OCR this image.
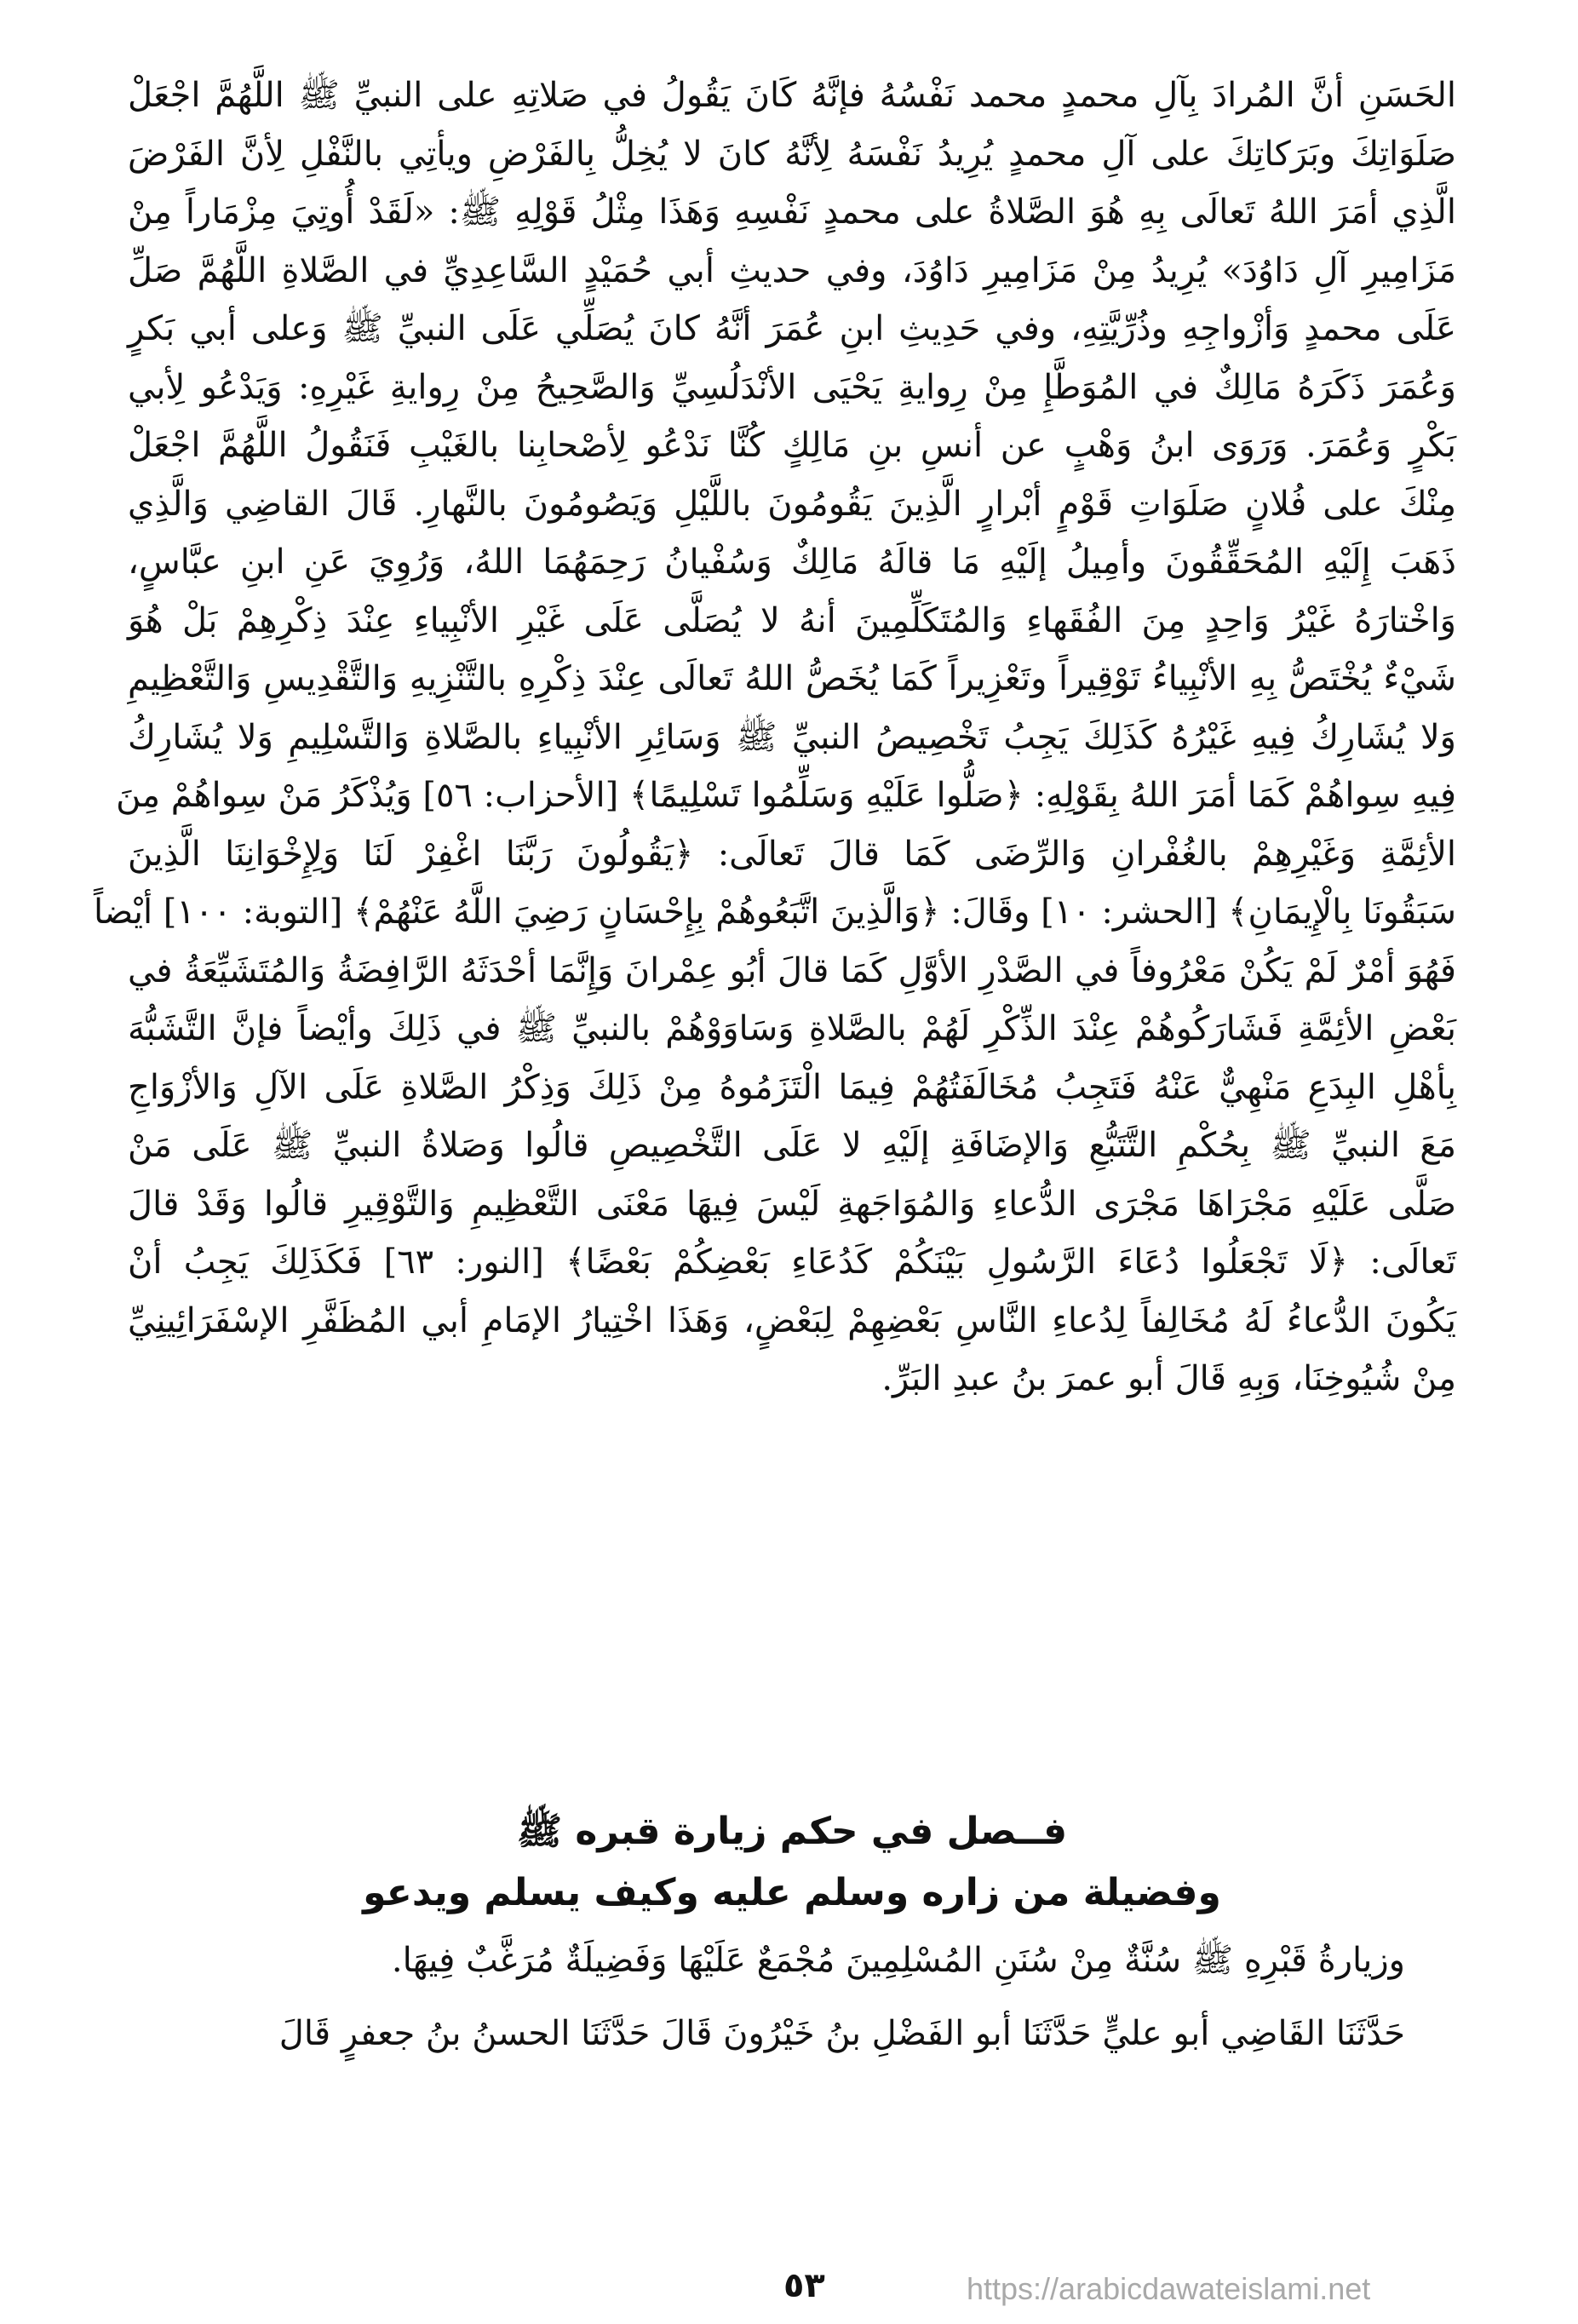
الحَسَنِ أنَّ المُرادَ بِآلِ محمدٍ محمد نَفْسُهُ فإنَّهُ كَانَ يَقُولُ في صَلاتِهِ على النبيِّ ﷺ اللَّهُمَّ اجْعَلْ
صَلَوَاتِكَ وبَرَكاتِكَ على آلِ محمدٍ يُرِيدُ نَفْسَهُ لِأنَّهُ كانَ لا يُخِلُّ بِالفَرْضِ ويأتِي بالنَّفْلِ لِأنَّ الفَرْضَ
الَّذِي أمَرَ اللهُ تَعالَى بِهِ هُوَ الصَّلاةُ على محمدٍ نَفْسِهِ وَهَذَا مِثْلُ قَوْلِهِ ﷺ: «لَقَدْ أُوتِيَ مِزْمَاراً مِنْ
مَزَامِيرِ آلِ دَاوُدَ» يُرِيدُ مِنْ مَزَامِيرِ دَاوُدَ، وفي حديثِ أبي حُمَيْدٍ السَّاعِدِيِّ في الصَّلاةِ اللَّهُمَّ صَلِّ
عَلَى محمدٍ وَأزْواجِهِ وذُرِّيَّتِهِ، وفي حَدِيثِ ابنِ عُمَرَ أنَّهُ كانَ يُصَلِّي عَلَى النبيِّ ﷺ وَعلى أبي بَكرٍ
وَعُمَرَ ذَكَرَهُ مَالِكٌ في المُوَطَّإِ مِنْ رِوايةِ يَحْيَى الأنْدَلُسِيِّ وَالصَّحِيحُ مِنْ رِوايةِ غَيْرِهِ: وَيَدْعُو لِأبي
بَكْرٍ وَعُمَرَ. وَرَوَى ابنُ وَهْبٍ عن أنسِ بنِ مَالِكٍ كُنَّا نَدْعُو لِأصْحابِنا بالغَيْبِ فَنَقُولُ اللَّهُمَّ اجْعَلْ
مِنْكَ على فُلانٍ صَلَوَاتِ قَوْمٍ أبْرارٍ الَّذِينَ يَقُومُونَ باللَّيْلِ وَيَصُومُونَ بالنَّهارِ. قَالَ القاضِي وَالَّذِي
ذَهَبَ إِلَيْهِ المُحَقِّقُونَ وأمِيلُ إلَيْهِ مَا قالَهُ مَالِكٌ وَسُفْيانُ رَحِمَهُمَا اللهُ، وَرُوِيَ عَنِ ابنِ عبَّاسٍ،
وَاخْتارَهُ غَيْرُ وَاحِدٍ مِنَ الفُقَهاءِ وَالمُتَكَلِّمِينَ أنهُ لا يُصَلَّى عَلَى غَيْرِ الأنْبِياءِ عِنْدَ ذِكْرِهِمْ بَلْ هُوَ
شَيْءٌ يُخْتَصُّ بِهِ الأنْبِياءُ تَوْقِيراً وتَعْزِيراً كَمَا يُخَصُّ اللهُ تَعالَى عِنْدَ ذِكْرِهِ بالتَّنْزِيهِ وَالتَّقْدِيسِ وَالتَّعْظِيمِ
وَلا يُشَارِكُ فِيهِ غَيْرُهُ كَذَلِكَ يَجِبُ تَخْصِيصُ النبيِّ ﷺ وَسَائِرِ الأنْبِياءِ بالصَّلاةِ وَالتَّسْلِيمِ وَلا يُشَارِكُ
فِيهِ سِواهُمْ كَمَا أمَرَ اللهُ بِقَوْلِهِ: ﴿صَلُّوا عَلَيْهِ وَسَلِّمُوا تَسْلِيمًا﴾ [الأحزاب: ٥٦] وَيُذْكَرُ مَنْ سِواهُمْ مِنَ
الأئِمَّةِ وَغَيْرِهِمْ بالغُفْرانِ وَالرِّضَى كَمَا قالَ تَعالَى: ﴿يَقُولُونَ رَبَّنَا اغْفِرْ لَنَا وَلِإِخْوَانِنَا الَّذِينَ
سَبَقُونَا بِالْإِيمَانِ﴾ [الحشر: ١٠] وقَالَ: ﴿وَالَّذِينَ اتَّبَعُوهُمْ بِإِحْسَانٍ رَضِيَ اللَّهُ عَنْهُمْ﴾ [التوبة: ١٠٠] أيْضاً
فَهُوَ أمْرٌ لَمْ يَكُنْ مَعْرُوفاً في الصَّدْرِ الأوَّلِ كَمَا قالَ أبُو عِمْرانَ وَإِنَّمَا أحْدَثَهُ الرَّافِضَةُ وَالمُتَشَيِّعَةُ في
بَعْضِ الأئِمَّةِ فَشَارَكُوهُمْ عِنْدَ الذِّكْرِ لَهُمْ بالصَّلاةِ وَسَاوَوْهُمْ بالنبيِّ ﷺ في ذَلِكَ وأيْضاً فإنَّ التَّشَبُّهَ
بِأهْلِ البِدَعِ مَنْهِيٌّ عَنْهُ فَتَجِبُ مُخَالَفَتُهُمْ فِيمَا الْتَزَمُوهُ مِنْ ذَلِكَ وَذِكْرُ الصَّلاةِ عَلَى الآلِ وَالأزْوَاجِ
مَعَ النبيِّ ﷺ بِحُكْمِ التَّتَبُّعِ وَالإضَافَةِ إلَيْهِ لا عَلَى التَّخْصِيصِ قالُوا وَصَلاةُ النبيِّ ﷺ عَلَى مَنْ
صَلَّى عَلَيْهِ مَجْرَاهَا مَجْرَى الدُّعاءِ وَالمُوَاجَهةِ لَيْسَ فِيهَا مَعْنَى التَّعْظِيمِ وَالتَّوْقِيرِ قالُوا وَقَدْ قالَ
تَعالَى: ﴿لَا تَجْعَلُوا دُعَاءَ الرَّسُولِ بَيْنَكُمْ كَدُعَاءِ بَعْضِكُمْ بَعْضًا﴾ [النور: ٦٣] فَكَذَلِكَ يَجِبُ أنْ
يَكُونَ الدُّعاءُ لَهُ مُخَالِفاً لِدُعاءِ النَّاسِ بَعْضِهِمْ لِبَعْضٍ، وَهَذَا اخْتِيارُ الإمَامِ أبي المُظَفَّرِ الإسْفَرَائِينِيِّ
مِنْ شُيُوخِنَا، وَبِهِ قَالَ أبو عمرَ بنُ عبدِ البَرِّ.
فــصل في حكم زيارة قبره ﷺ
وفضيلة من زاره وسلم عليه وكيف يسلم ويدعو
وزيارةُ قَبْرِهِ ﷺ سُنَّةٌ مِنْ سُنَنِ المُسْلِمِينَ مُجْمَعٌ عَلَيْهَا وَفَضِيلَةٌ مُرَغَّبٌ فِيهَا.
حَدَّثَنَا القَاضِي أبو عليٍّ حَدَّثَنَا أبو الفَضْلِ بنُ خَيْرُونَ قَالَ حَدَّثَنَا الحسنُ بنُ جعفرٍ قَالَ
٥٣	https://arabicdawateislami.net
